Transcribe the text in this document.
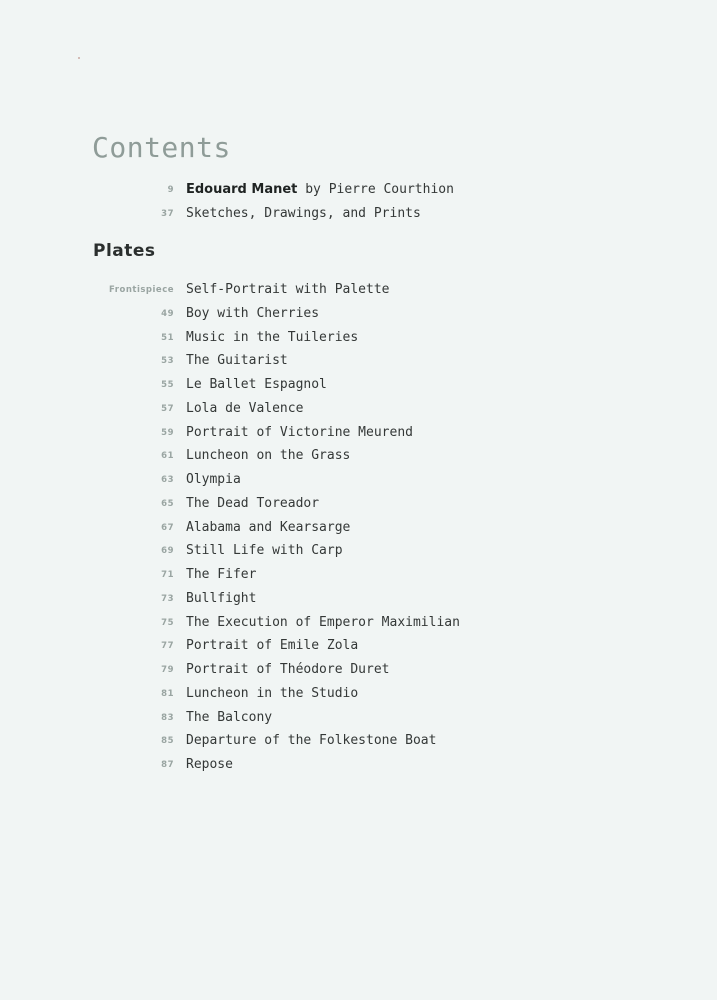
Contents
9 Edouard Manet by Pierre Courthion
37 Sketches, Drawings, and Prints
Plates
Frontispiece Self-Portrait with Palette
49 Boy with Cherries
51 Music in the Tuileries
53 The Guitarist
55 Le Ballet Espagnol
57 Lola de Valence
59 Portrait of Victorine Meurend
61 Luncheon on the Grass
63 Olympia
65 The Dead Toreador
67 Alabama and Kearsarge
69 Still Life with Carp
71 The Fifer
73 Bullfight
75 The Execution of Emperor Maximilian
77 Portrait of Emile Zola
79 Portrait of Théodore Duret
81 Luncheon in the Studio
83 The Balcony
85 Departure of the Folkestone Boat
87 Repose
